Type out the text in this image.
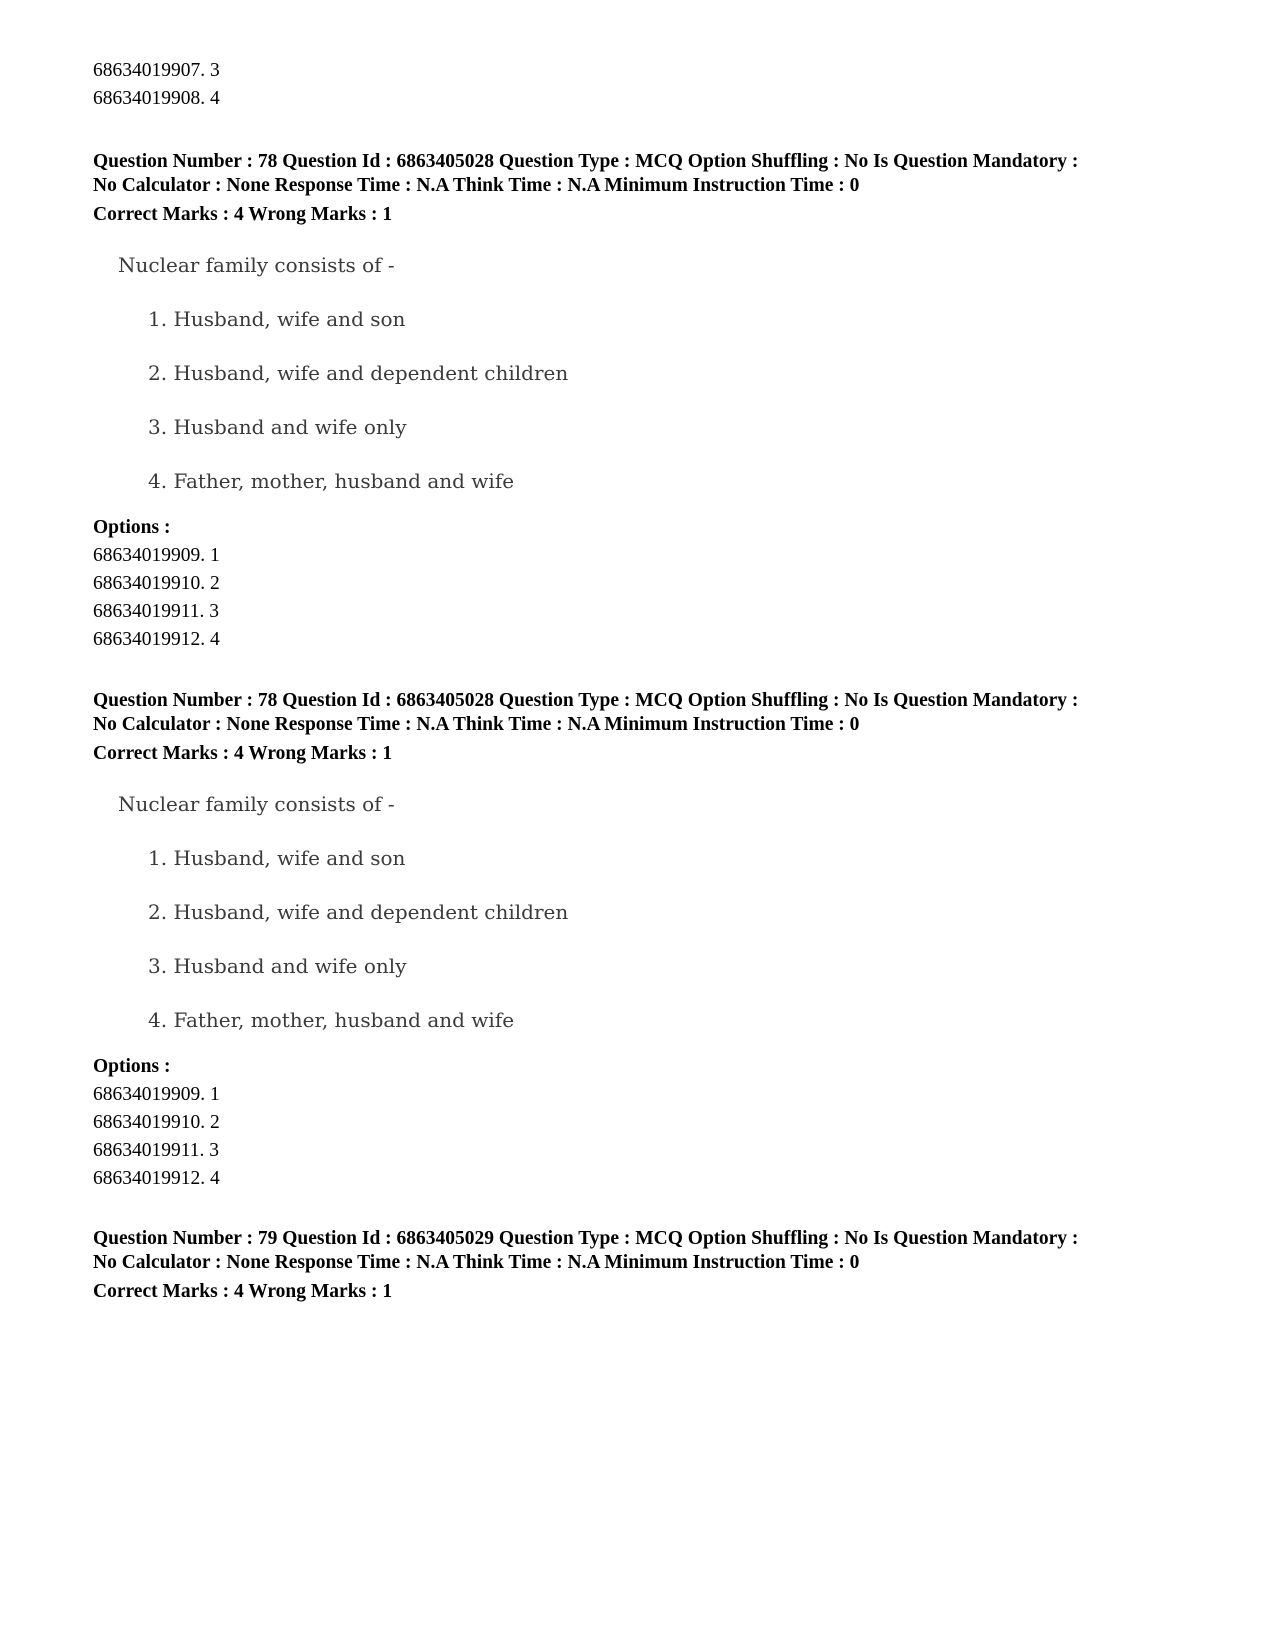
68634019907. 3
68634019908. 4
Question Number : 78 Question Id : 6863405028 Question Type : MCQ Option Shuffling : No Is Question Mandatory :
No Calculator : None Response Time : N.A Think Time : N.A Minimum Instruction Time : 0
Correct Marks : 4 Wrong Marks : 1
Nuclear family consists of -
1. Husband, wife and son
2. Husband, wife and dependent children
3. Husband and wife only
4. Father, mother, husband and wife
Options :
68634019909. 1
68634019910. 2
68634019911. 3
68634019912. 4
Question Number : 78 Question Id : 6863405028 Question Type : MCQ Option Shuffling : No Is Question Mandatory :
No Calculator : None Response Time : N.A Think Time : N.A Minimum Instruction Time : 0
Correct Marks : 4 Wrong Marks : 1
Nuclear family consists of -
1. Husband, wife and son
2. Husband, wife and dependent children
3. Husband and wife only
4. Father, mother, husband and wife
Options :
68634019909. 1
68634019910. 2
68634019911. 3
68634019912. 4
Question Number : 79 Question Id : 6863405029 Question Type : MCQ Option Shuffling : No Is Question Mandatory :
No Calculator : None Response Time : N.A Think Time : N.A Minimum Instruction Time : 0
Correct Marks : 4 Wrong Marks : 1
